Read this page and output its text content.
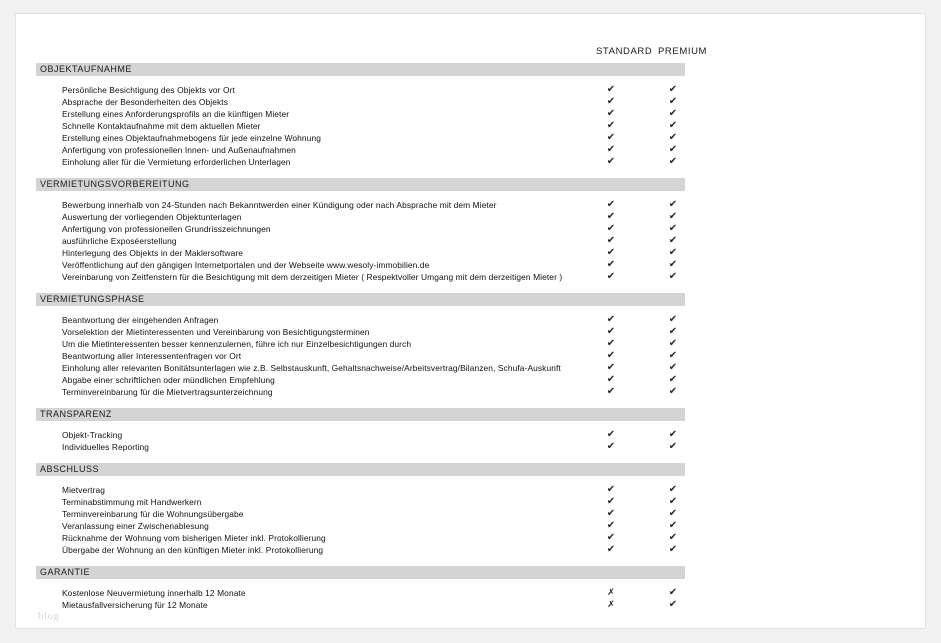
STANDARD PREMIUM
OBJEKTAUFNAHME
Persönliche Besichtigung des Objekts vor Ort	✔	✔
Absprache der Besonderheiten des Objekts	✔	✔
Erstellung eines Anforderungsprofils an die künftigen Mieter	✔	✔
Schnelle Kontaktaufnahme mit dem aktuellen Mieter	✔	✔
Erstellung eines Objektaufnahmebogens für jede einzelne Wohnung	✔	✔
Anfertigung von professionellen Innen- und Außenaufnahmen	✔	✔
Einholung aller für die Vermietung erforderlichen Unterlagen	✔	✔
VERMIETUNGSVORBEREITUNG
Bewerbung innerhalb von 24-Stunden nach Bekanntwerden einer Kündigung oder nach Absprache mit dem Mieter	✔	✔
Auswertung der vorliegenden Objektunterlagen	✔	✔
Anfertigung von professionellen Grundrisszeichnungen	✔	✔
ausführliche Exposéerstellung	✔	✔
Hinterlegung des Objekts in der Maklersoftware	✔	✔
Veröffentlichung auf den gängigen Internetportalen und der Webseite www.wesoly-immobilien.de	✔	✔
Vereinbarung von Zeitfenstern für die Besichtigung mit dem derzeitigen Mieter ( Respektvoller Umgang mit dem derzeitigen Mieter )	✔	✔
VERMIETUNGSPHASE
Beantwortung der eingehenden Anfragen	✔	✔
Vorselektion der Mietinteressenten und Vereinbarung von Besichtigungsterminen	✔	✔
Um die Mietinteressenten besser kennenzulernen, führe ich nur Einzelbesichtigungen durch	✔	✔
Beantwortung aller Interessentenfragen vor Ort	✔	✔
Einholung aller relevanten Bonitätsunterlagen wie z.B. Selbstauskunft, Gehaltsnachweise/Arbeitsvertrag/Bilanzen, Schufa-Auskunft	✔	✔
Abgabe einer schriftlichen oder mündlichen Empfehlung	✔	✔
Terminvereinbarung für die Mietvertragsunterzeichnung	✔	✔
TRANSPARENZ
Objekt-Tracking	✔	✔
Individuelles Reporting	✔	✔
ABSCHLUSS
Mietvertrag	✔	✔
Terminabstimmung mit Handwerkern	✔	✔
Terminvereinbarung für die Wohnungsübergabe	✔	✔
Veranlassung einer Zwischenablesung	✔	✔
Rücknahme der Wohnung vom bisherigen Mieter inkl. Protokollierung	✔	✔
Übergabe der Wohnung an den künftigen Mieter inkl. Protokollierung	✔	✔
GARANTIE
Kostenlose Neuvermietung innerhalb 12 Monate	✗	✔
Mietausfallversicherung für 12 Monate	✗	✔
blog
